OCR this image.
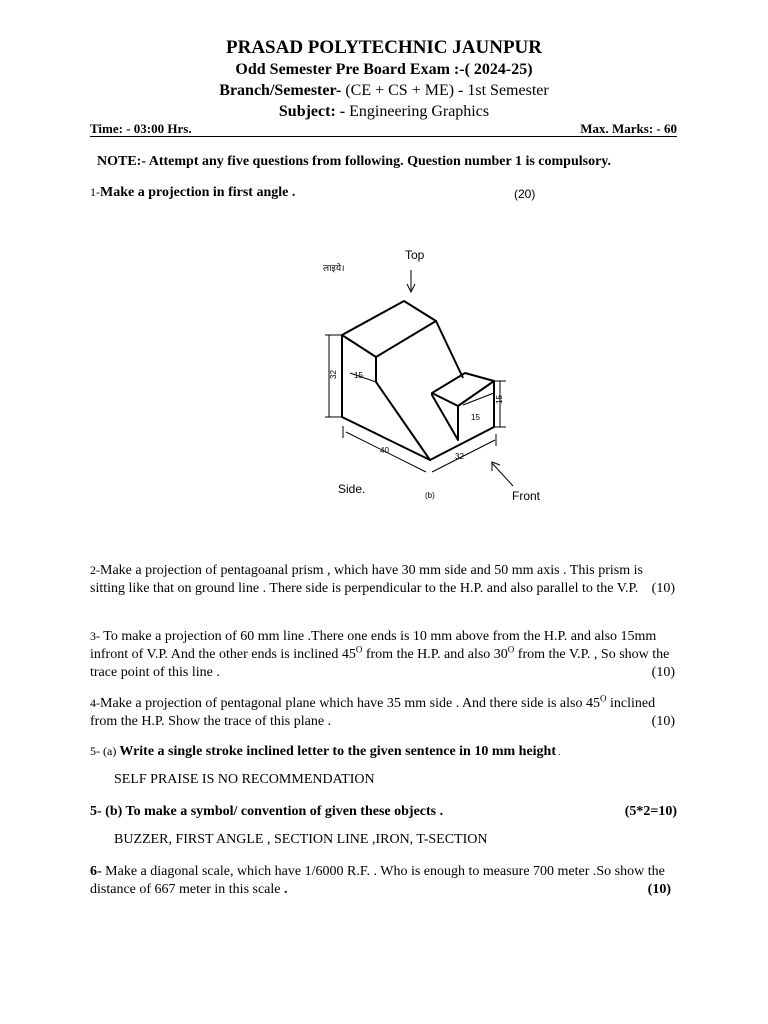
PRASAD POLYTECHNIC JAUNPUR
Odd Semester Pre Board Exam :-( 2024-25)
Branch/Semester- (CE + CS + ME) - 1st Semester
Subject: - Engineering Graphics
Time: - 03:00 Hrs.	Max. Marks: - 60
NOTE:- Attempt any five questions from following. Question number 1 is compulsory.
1-Make a projection in first angle .	(20)
Top
लाइये।
Side.	Front
(b)
32 15
15
15
40
32
2-Make a projection of pentagoanal prism , which have 30 mm side and 50 mm axis . This prism is sitting like that on ground line . There side is perpendicular to the H.P. and also parallel to the V.P. (10)
3- To make a projection of 60 mm line .There one ends is 10 mm above from the H.P. and also 15mm infront of V.P. And the other ends is inclined $45^O$ from the H.P. and also $30^O$ from the V.P. , So show the trace point of this line .	(10)
4-Make a projection of pentagonal plane which have 35 mm side . And there side is also $45^O$ inclined from the H.P. Show the trace of this plane .	(10)
5- (a) Write a single stroke inclined letter to the given sentence in 10 mm height .
SELF PRAISE IS NO RECOMMENDATION
5- (b) To make a symbol/ convention of given these objects .	(5*2=10)
BUZZER, FIRST ANGLE , SECTION LINE ,IRON, T-SECTION
6- Make a diagonal scale, which have 1/6000 R.F. . Who is enough to measure 700 meter .So show the distance of 667 meter in this scale .	(10)
